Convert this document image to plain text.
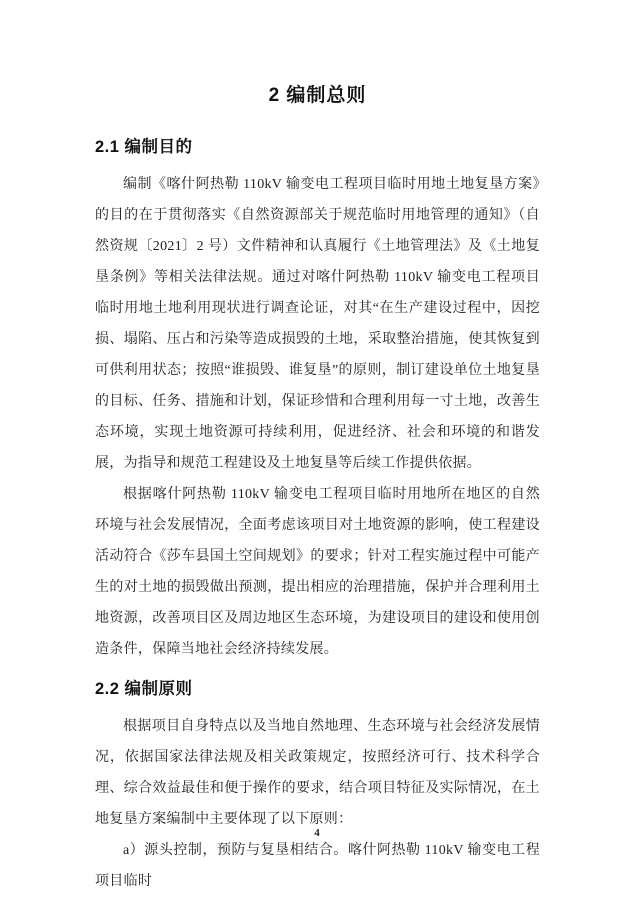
2 编制总则
2.1 编制目的

编制《喀什阿热勒 110kV 输变电工程项目临时用地土地复垦方案》的目的在于贯彻落实《自然资源部关于规范临时用地管理的通知》（自然资规〔2021〕2 号）文件精神和认真履行《土地管理法》及《土地复垦条例》等相关法律法规。通过对喀什阿热勒 110kV 输变电工程项目临时用地土地利用现状进行调查论证，对其“在生产建设过程中，因挖损、塌陷、压占和污染等造成损毁的土地，采取整治措施，使其恢复到可供利用状态；按照“谁损毁、谁复垦”的原则，制订建设单位土地复垦的目标、任务、措施和计划，保证珍惜和合理利用每一寸土地，改善生态环境，实现土地资源可持续利用，促进经济、社会和环境的和谐发展，为指导和规范工程建设及土地复垦等后续工作提供依据。

根据喀什阿热勒 110kV 输变电工程项目临时用地所在地区的自然环境与社会发展情况，全面考虑该项目对土地资源的影响，使工程建设活动符合《莎车县国土空间规划》的要求；针对工程实施过程中可能产生的对土地的损毁做出预测，提出相应的治理措施，保护并合理利用土地资源，改善项目区及周边地区生态环境，为建设项目的建设和使用创造条件，保障当地社会经济持续发展。

2.2 编制原则

根据项目自身特点以及当地自然地理、生态环境与社会经济发展情况，依据国家法律法规及相关政策规定，按照经济可行、技术科学合理、综合效益最佳和便于操作的要求，结合项目特征及实际情况，在土地复垦方案编制中主要体现了以下原则：

a）源头控制，预防与复垦相结合。喀什阿热勒 110kV 输变电工程项目临时

4
